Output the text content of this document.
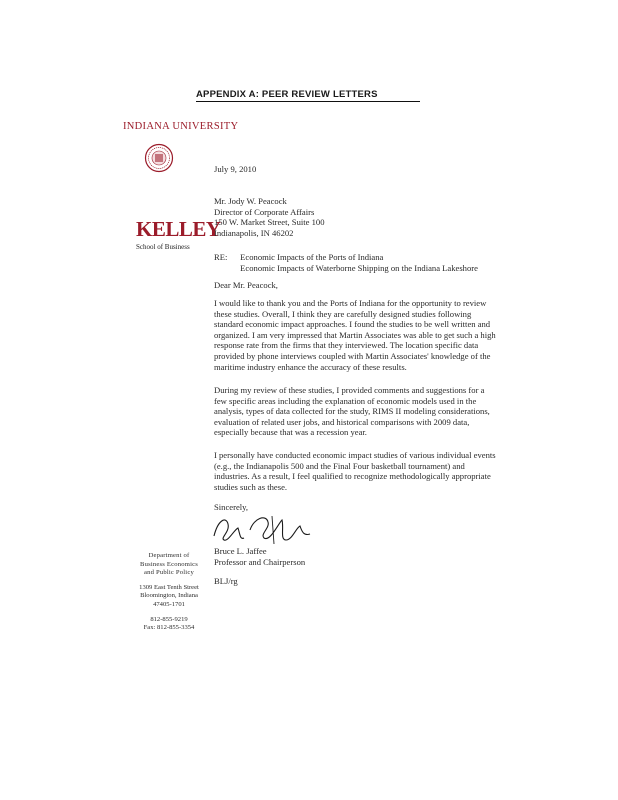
APPENDIX A: PEER REVIEW LETTERS
INDIANA UNIVERSITY
KELLEY
School of Business
July 9, 2010
Mr. Jody W. Peacock
Director of Corporate Affairs
150 W. Market Street, Suite 100
Indianapolis, IN 46202
RE: Economic Impacts of the Ports of Indiana
Economic Impacts of Waterborne Shipping on the Indiana Lakeshore
Dear Mr. Peacock,
I would like to thank you and the Ports of Indiana for the opportunity to review these studies. Overall, I think they are carefully designed studies following standard economic impact approaches. I found the studies to be well written and organized. I am very impressed that Martin Associates was able to get such a high response rate from the firms that they interviewed. The location specific data provided by phone interviews coupled with Martin Associates' knowledge of the maritime industry enhance the accuracy of these results.
During my review of these studies, I provided comments and suggestions for a few specific areas including the explanation of economic models used in the analysis, types of data collected for the study, RIMS II modeling considerations, evaluation of related user jobs, and historical comparisons with 2009 data, especially because that was a recession year.
I personally have conducted economic impact studies of various individual events (e.g., the Indianapolis 500 and the Final Four basketball tournament) and industries. As a result, I feel qualified to recognize methodologically appropriate studies such as these.
Sincerely,
Bruce L. Jaffee
Professor and Chairperson
BLJ/rg
Department of
Business Economics
and Public Policy
1309 East Tenth Street
Bloomington, Indiana
47405-1701
812-855-9219
Fax: 812-855-3354
